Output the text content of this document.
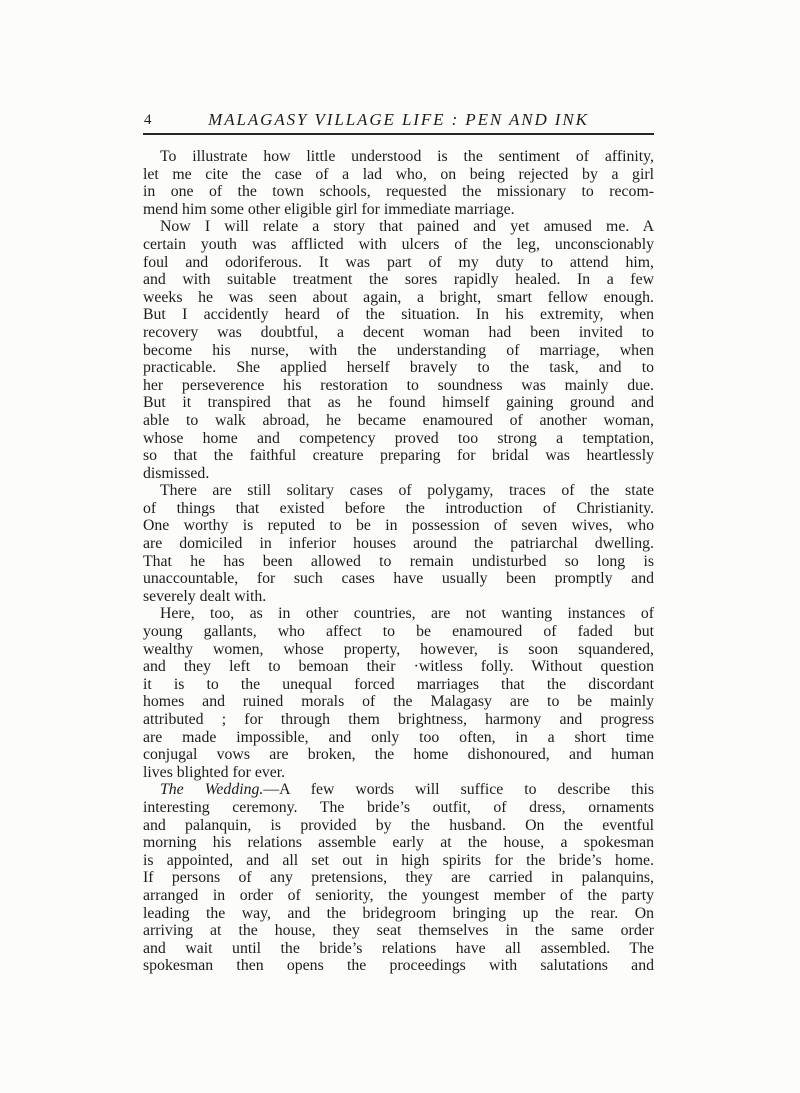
4	MALAGASY VILLAGE LIFE : PEN AND INK
To illustrate how little understood is the sentiment of affinity,
let me cite the case of a lad who, on being rejected by a girl
in one of the town schools, requested the missionary to recom-
mend him some other eligible girl for immediate marriage.
Now I will relate a story that pained and yet amused me. A
certain youth was afflicted with ulcers of the leg, unconscionably
foul and odoriferous. It was part of my duty to attend him,
and with suitable treatment the sores rapidly healed. In a few
weeks he was seen about again, a bright, smart fellow enough.
But I accidently heard of the situation. In his extremity, when
recovery was doubtful, a decent woman had been invited to
become his nurse, with the understanding of marriage, when
practicable. She applied herself bravely to the task, and to
her perseverence his restoration to soundness was mainly due.
But it transpired that as he found himself gaining ground and
able to walk abroad, he became enamoured of another woman,
whose home and competency proved too strong a temptation,
so that the faithful creature preparing for bridal was heartlessly
dismissed.
There are still solitary cases of polygamy, traces of the state
of things that existed before the introduction of Christianity.
One worthy is reputed to be in possession of seven wives, who
are domiciled in inferior houses around the patriarchal dwelling.
That he has been allowed to remain undisturbed so long is
unaccountable, for such cases have usually been promptly and
severely dealt with.
Here, too, as in other countries, are not wanting instances of
young gallants, who affect to be enamoured of faded but
wealthy women, whose property, however, is soon squandered,
and they left to bemoan their ·witless folly. Without question
it is to the unequal forced marriages that the discordant
homes and ruined morals of the Malagasy are to be mainly
attributed ; for through them brightness, harmony and progress
are made impossible, and only too often, in a short time
conjugal vows are broken, the home dishonoured, and human
lives blighted for ever.
The Wedding.—A few words will suffice to describe this
interesting ceremony. The bride’s outfit, of dress, ornaments
and palanquin, is provided by the husband. On the eventful
morning his relations assemble early at the house, a spokesman
is appointed, and all set out in high spirits for the bride’s home.
If persons of any pretensions, they are carried in palanquins,
arranged in order of seniority, the youngest member of the party
leading the way, and the bridegroom bringing up the rear. On
arriving at the house, they seat themselves in the same order
and wait until the bride’s relations have all assembled. The
spokesman then opens the proceedings with salutations and
